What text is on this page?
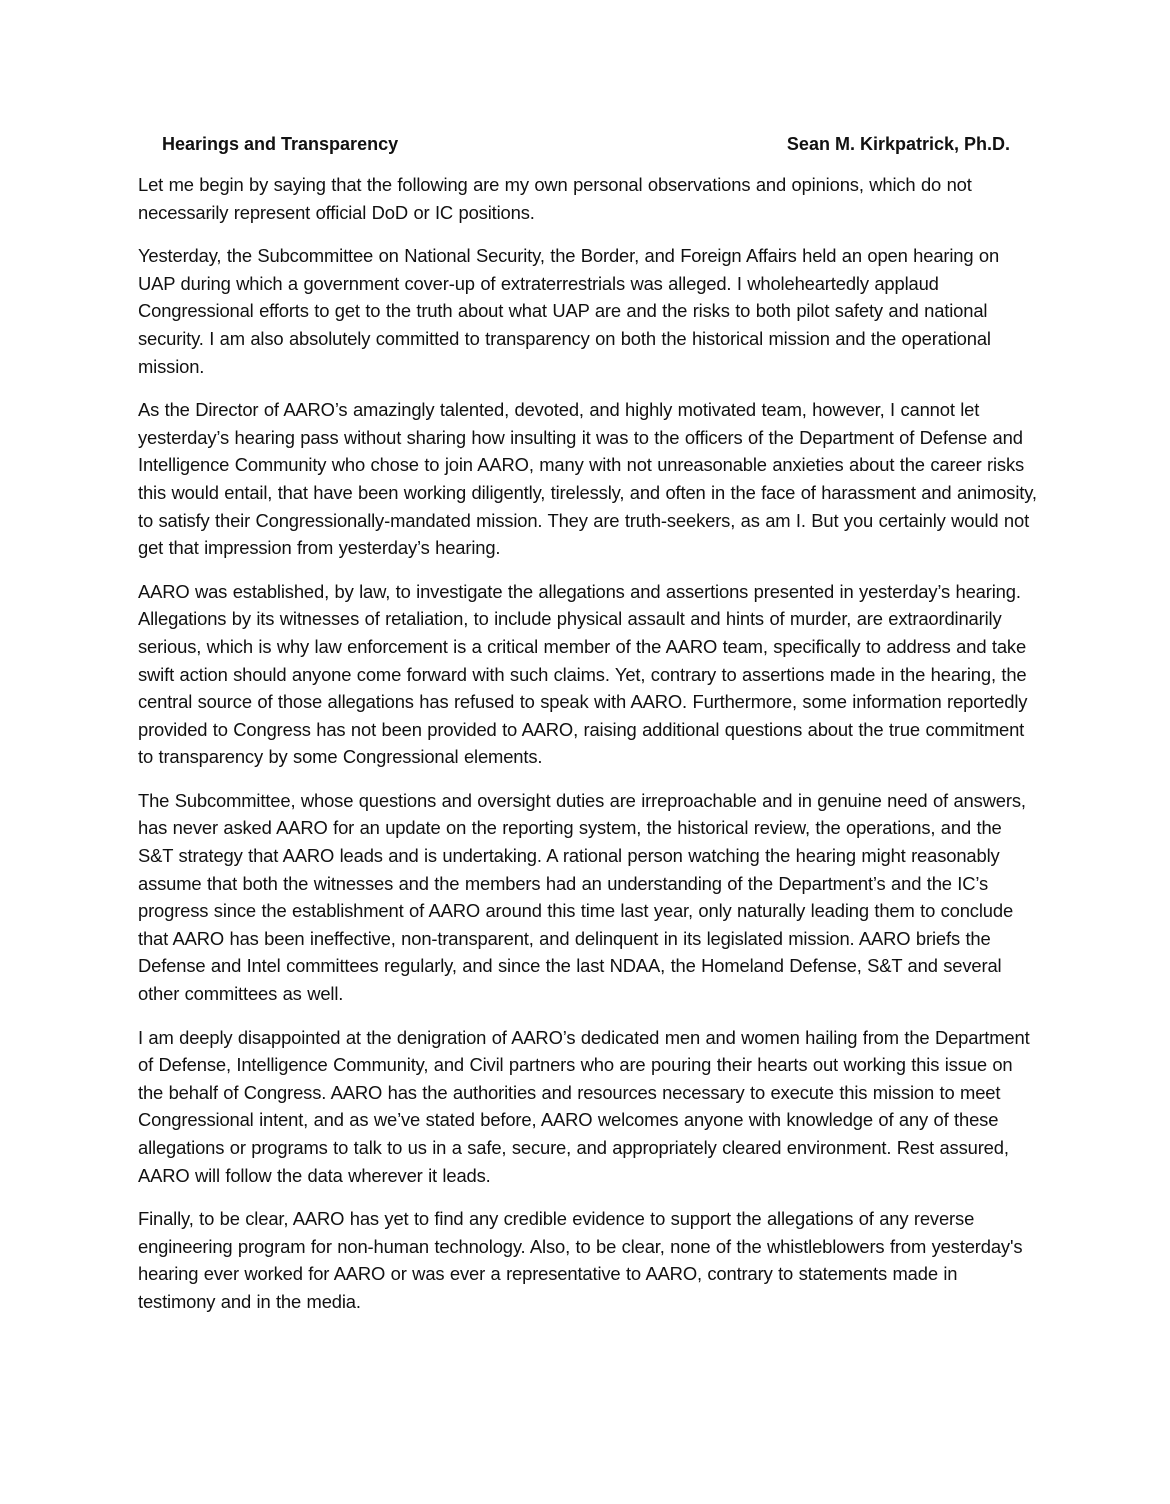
Hearings and Transparency	Sean M. Kirkpatrick, Ph.D.

Let me begin by saying that the following are my own personal observations and opinions, which do not necessarily represent official DoD or IC positions.

Yesterday, the Subcommittee on National Security, the Border, and Foreign Affairs held an open hearing on UAP during which a government cover-up of extraterrestrials was alleged. I wholeheartedly applaud Congressional efforts to get to the truth about what UAP are and the risks to both pilot safety and national security. I am also absolutely committed to transparency on both the historical mission and the operational mission.

As the Director of AARO’s amazingly talented, devoted, and highly motivated team, however, I cannot let yesterday’s hearing pass without sharing how insulting it was to the officers of the Department of Defense and Intelligence Community who chose to join AARO, many with not unreasonable anxieties about the career risks this would entail, that have been working diligently, tirelessly, and often in the face of harassment and animosity, to satisfy their Congressionally-mandated mission. They are truth-seekers, as am I. But you certainly would not get that impression from yesterday’s hearing.

AARO was established, by law, to investigate the allegations and assertions presented in yesterday’s hearing. Allegations by its witnesses of retaliation, to include physical assault and hints of murder, are extraordinarily serious, which is why law enforcement is a critical member of the AARO team, specifically to address and take swift action should anyone come forward with such claims. Yet, contrary to assertions made in the hearing, the central source of those allegations has refused to speak with AARO. Furthermore, some information reportedly provided to Congress has not been provided to AARO, raising additional questions about the true commitment to transparency by some Congressional elements.

The Subcommittee, whose questions and oversight duties are irreproachable and in genuine need of answers, has never asked AARO for an update on the reporting system, the historical review, the operations, and the S&T strategy that AARO leads and is undertaking. A rational person watching the hearing might reasonably assume that both the witnesses and the members had an understanding of the Department’s and the IC’s progress since the establishment of AARO around this time last year, only naturally leading them to conclude that AARO has been ineffective, non-transparent, and delinquent in its legislated mission. AARO briefs the Defense and Intel committees regularly, and since the last NDAA, the Homeland Defense, S&T and several other committees as well.

I am deeply disappointed at the denigration of AARO’s dedicated men and women hailing from the Department of Defense, Intelligence Community, and Civil partners who are pouring their hearts out working this issue on the behalf of Congress. AARO has the authorities and resources necessary to execute this mission to meet Congressional intent, and as we’ve stated before, AARO welcomes anyone with knowledge of any of these allegations or programs to talk to us in a safe, secure, and appropriately cleared environment. Rest assured, AARO will follow the data wherever it leads.

Finally, to be clear, AARO has yet to find any credible evidence to support the allegations of any reverse engineering program for non-human technology. Also, to be clear, none of the whistleblowers from yesterday's hearing ever worked for AARO or was ever a representative to AARO, contrary to statements made in testimony and in the media.
